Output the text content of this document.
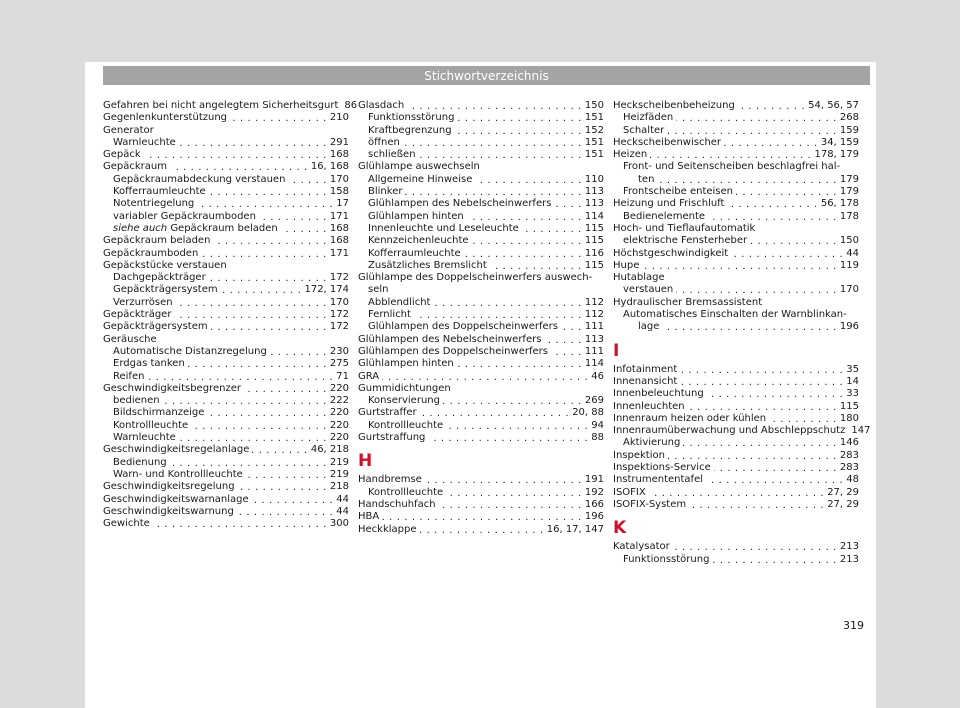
Stichwortverzeichnis
Gefahren bei nicht angelegtem Sicherheitsgurt 86
Gegenlenkunterstützung . . .	210
Generator
Warnleuchte . . .	291
Gepäck . . .	168
Gepäckraum . . .	16, 168
Gepäckraumabdeckung verstauen . . .	170
Kofferraumleuchte . . .	158
Notentriegelung . . .	17
variabler Gepäckraumboden . . .	171
siehe auch Gepäckraum beladen . . .	168
Gepäckraum beladen . . .	168
Gepäckraumboden . . .	171
Gepäckstücke verstauen
Dachgepäckträger . . .	172
Gepäckträgersystem . . .	172, 174
Verzurrösen . . .	170
Gepäckträger . . .	172
Gepäckträgersystem . . .	172
Geräusche
Automatische Distanzregelung . . .	230
Erdgas tanken . . .	275
Reifen . . .	71
Geschwindigkeitsbegrenzer . . .	220
bedienen . . .	222
Bildschirmanzeige . . .	220
Kontrollleuchte . . .	220
Warnleuchte . . .	220
Geschwindigkeitsregelanlage . . .	46, 218
Bedienung . . .	219
Warn- und Kontrollleuchte . . .	219
Geschwindigkeitsregelung . . .	218
Geschwindigkeitswarnanlage . . .	44
Geschwindigkeitswarnung . . .	44
Gewichte . . .	300
Glasdach . . .	150
Funktionsstörung . . .	151
Kraftbegrenzung . . .	152
öffnen . . .	151
schließen . . .	151
Glühlampe auswechseln
Allgemeine Hinweise . . .	110
Blinker . . .	113
Glühlampen des Nebelscheinwerfers . . .	113
Glühlampen hinten . . .	114
Innenleuchte und Leseleuchte . . .	115
Kennzeichenleuchte . . .	115
Kofferraumleuchte . . .	116
Zusätzliches Bremslicht . . .	115
Glühlampe des Doppelscheinwerfers auswech-
seln
Abblendlicht . . .	112
Fernlicht . . .	112
Glühlampen des Doppelscheinwerfers . . .	111
Glühlampen des Nebelscheinwerfers . . .	113
Glühlampen des Doppelscheinwerfers . . .	111
Glühlampen hinten . . .	114
GRA . . .	46
Gummidichtungen
Konservierung . . .	269
Gurtstraffer . . .	20, 88
Kontrollleuchte . . .	94
Gurtstraffung . . .	88
H
Handbremse . . .	191
Kontrollleuchte . . .	192
Handschuhfach . . .	166
HBA . . .	196
Heckklappe . . .	16, 17, 147
Heckscheibenbeheizung . . .	54, 56, 57
Heizfäden . . .	268
Schalter . . .	159
Heckscheibenwischer . . .	34, 159
Heizen . . .	178, 179
Front- und Seitenscheiben beschlagfrei hal-
ten . . .	179
Frontscheibe enteisen . . .	179
Heizung und Frischluft . . .	56, 178
Bedienelemente . . .	178
Hoch- und Tieflaufautomatik
elektrische Fensterheber . . .	150
Höchstgeschwindigkeit . . .	44
Hupe . . .	119
Hutablage
verstauen . . .	170
Hydraulischer Bremsassistent
Automatisches Einschalten der Warnblinkan-
lage . . .	196
I
Infotainment . . .	35
Innenansicht . . .	14
Innenbeleuchtung . . .	33
Innenleuchten . . .	115
Innenraum heizen oder kühlen . . .	180
Innenraumüberwachung und Abschleppschutz 147
Aktivierung . . .	146
Inspektion . . .	283
Inspektions-Service . . .	283
Instrumententafel . . .	48
ISOFIX . . .	27, 29
ISOFIX-System . . .	27, 29
K
Katalysator . . .	213
Funktionsstörung . . .	213
319
